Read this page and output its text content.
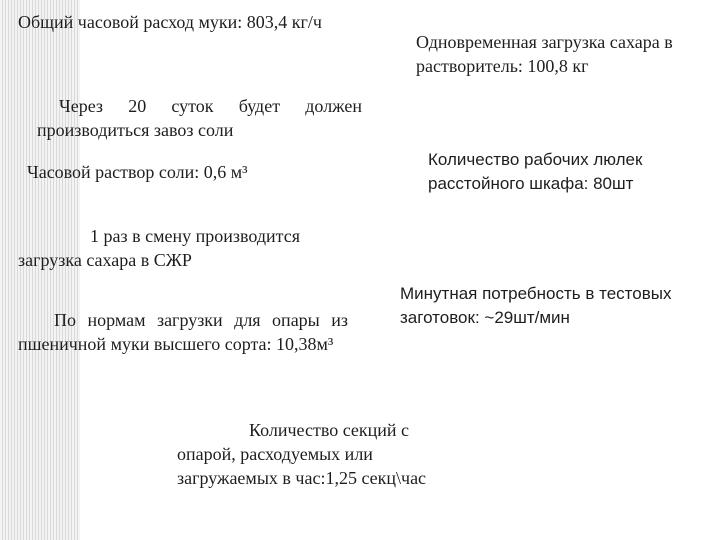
Общий часовой расход муки: 803,4 кг/ч

Одновременная загрузка сахара в растворитель: 100,8 кг

Через 20 суток будет должен производиться завоз соли

Количество рабочих люлек расстойного шкафа: 80шт

Часовой раствор соли: 0,6 м³

1 раз в смену производится загрузка сахара в СЖР

Минутная потребность в тестовых заготовок: ~29шт/мин

По нормам загрузки для опары из пшеничной муки высшего сорта: 10,38м³

Количество секций с опарой, расходуемых или загружаемых в час:1,25 секц\час
